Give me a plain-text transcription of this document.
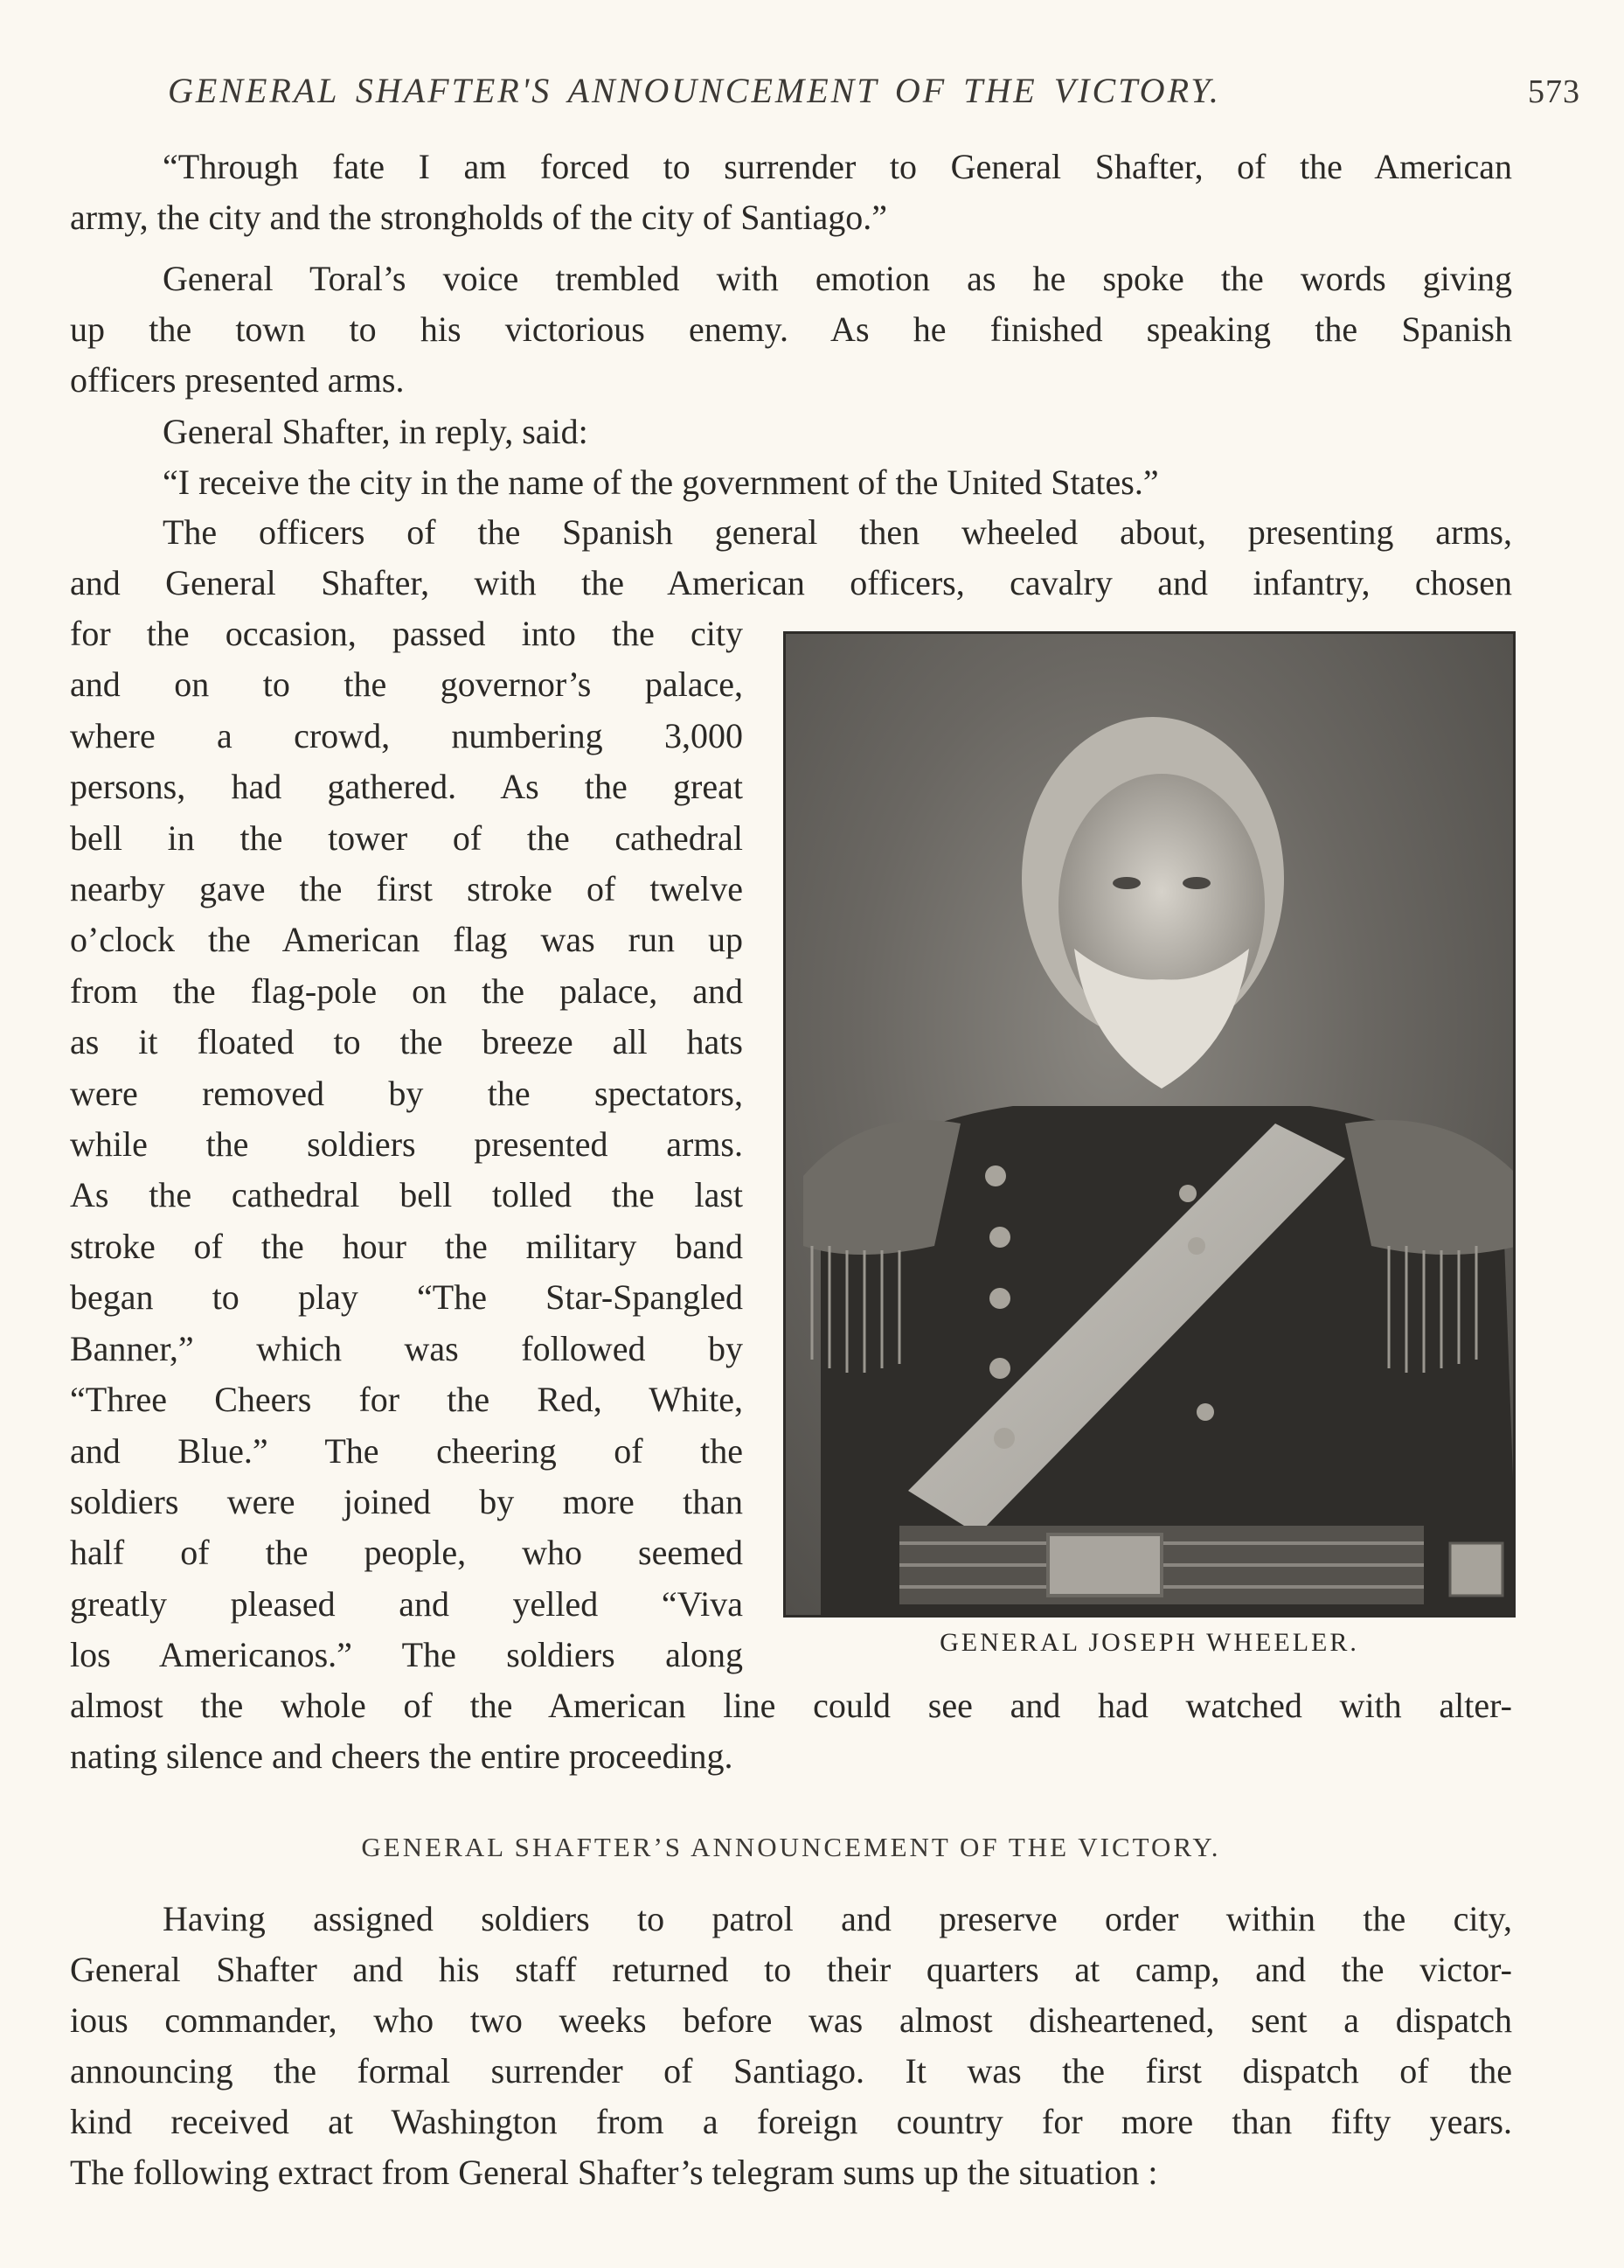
GENERAL SHAFTER'S ANNOUNCEMENT OF THE VICTORY.	573
“Through fate I am forced to surrender to General Shafter, of the American
army, the city and the strongholds of the city of Santiago.”
General Toral’s voice trembled with emotion as he spoke the words giving
up the town to his victorious enemy. As he finished speaking the Spanish
officers presented arms.
General Shafter, in reply, said:
“I receive the city in the name of the government of the United States.”
The officers of the Spanish general then wheeled about, presenting arms,
and General Shafter, with the American officers, cavalry and infantry, chosen
for the occasion, passed into the city
and on to the governor’s palace,
where a crowd, numbering 3,000
persons, had gathered. As the great
bell in the tower of the cathedral
nearby gave the first stroke of twelve
o’clock the American flag was run up
from the flag-pole on the palace, and
as it floated to the breeze all hats
were removed by the spectators,
while the soldiers presented arms.
As the cathedral bell tolled the last
stroke of the hour the military band
began to play “The Star-Spangled
Banner,” which was followed by
“Three Cheers for the Red, White,
and Blue.” The cheering of the
soldiers were joined by more than
half of the people, who seemed
greatly pleased and yelled “Viva
los Americanos.” The soldiers along
almost the whole of the American line could see and had watched with alter-
nating silence and cheers the entire proceeding.
GENERAL JOSEPH WHEELER.
GENERAL SHAFTER’S ANNOUNCEMENT OF THE VICTORY.
Having assigned soldiers to patrol and preserve order within the city,
General Shafter and his staff returned to their quarters at camp, and the victor-
ious commander, who two weeks before was almost disheartened, sent a dispatch
announcing the formal surrender of Santiago. It was the first dispatch of the
kind received at Washington from a foreign country for more than fifty years.
The following extract from General Shafter’s telegram sums up the situation :
